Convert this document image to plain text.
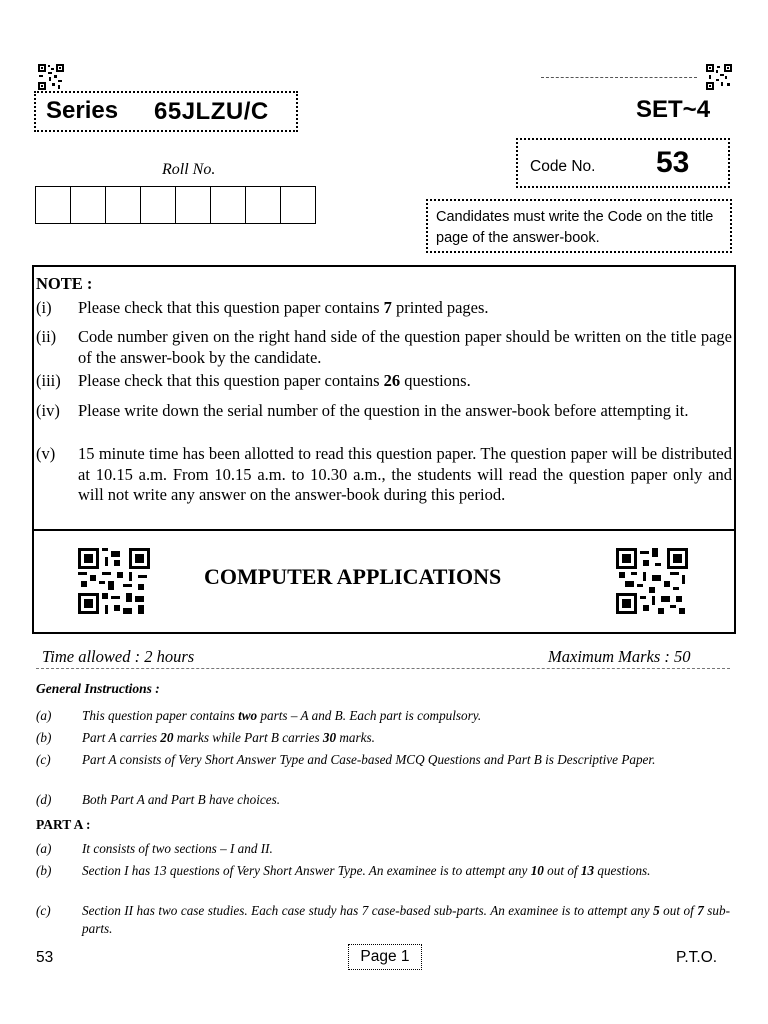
Series 65JLZU/C	SET~4
Roll No.	Code No. 53
Candidates must write the Code on the title page of the answer-book.
NOTE :
(i) Please check that this question paper contains 7 printed pages.
(ii) Code number given on the right hand side of the question paper should be written on the title page of the answer-book by the candidate.
(iii) Please check that this question paper contains 26 questions.
(iv) Please write down the serial number of the question in the answer-book before attempting it.
(v) 15 minute time has been allotted to read this question paper. The question paper will be distributed at 10.15 a.m. From 10.15 a.m. to 10.30 a.m., the students will read the question paper only and will not write any answer on the answer-book during this period.
COMPUTER APPLICATIONS
Time allowed : 2 hours	Maximum Marks : 50
General Instructions :
(a) This question paper contains two parts – A and B. Each part is compulsory.
(b) Part A carries 20 marks while Part B carries 30 marks.
(c) Part A consists of Very Short Answer Type and Case-based MCQ Questions and Part B is Descriptive Paper.
(d) Both Part A and Part B have choices.
PART A :
(a) It consists of two sections – I and II.
(b) Section I has 13 questions of Very Short Answer Type. An examinee is to attempt any 10 out of 13 questions.
(c) Section II has two case studies. Each case study has 7 case-based sub-parts. An examinee is to attempt any 5 out of 7 sub-parts.
53	Page 1	P.T.O.
